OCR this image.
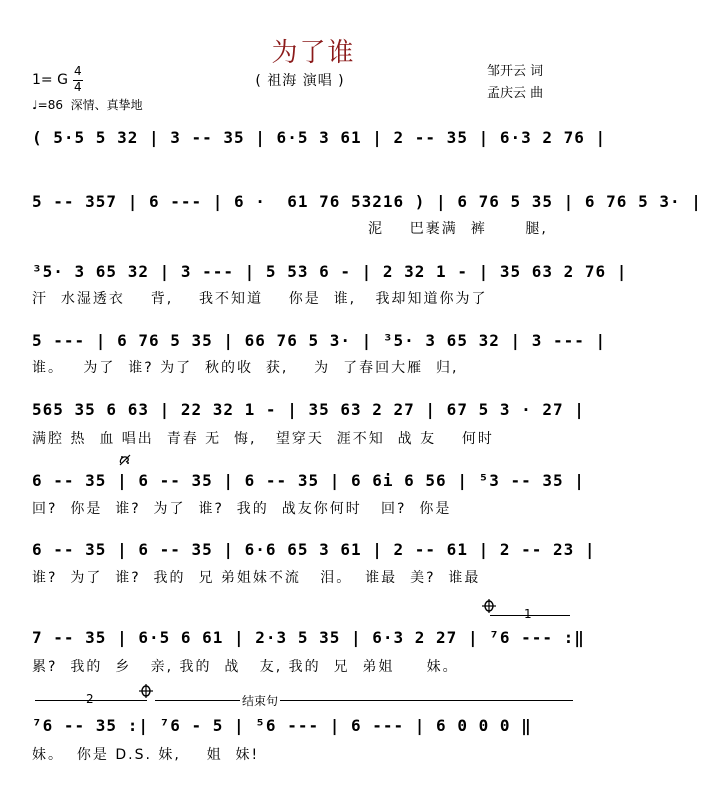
为了谁
( 祖海 演唱 )
邹开云 词
孟庆云 曲
1= G
4
4
♩=86  深情、真挚地
( 5·5 5 32 | 3 -- 35 | 6·5 3 61 | 2 -- 35 | 6·3 2 76 |
5 -- 357 | 6 --- | 6 ·  61 76 53216 ) | 6 76 5 35 | 6 76 5 3· |
泥    巴裹满  裤      腿,
³5· 3 65 32 | 3 --- | 5 53 6 - | 2 32 1 - | 35 63 2 76 |
汗  水湿透衣    背,    我不知道    你是  谁,   我却知道你为了
5 --- | 6 76 5 35 | 66 76 5 3· | ³5· 3 65 32 | 3 --- |
谁。   为了  谁? 为了  秋的收  获,    为  了春回大雁  归,
565 35 6 63 | 22 32 1 - | 35 63 2 27 | 67 5 3 · 27 |
满腔 热  血 唱出  青春 无  悔,   望穿天  涯不知  战 友    何时
6 -- 35 | 6 -- 35 | 6 -- 35 | 6 6i 6 56 | ⁵3 -- 35 |
回?  你是  谁?  为了  谁?  我的  战友你何时   回?  你是
6 -- 35 | 6 -- 35 | 6·6 65 3 61 | 2 -- 61 | 2 -- 23 |
谁?  为了  谁?  我的  兄 弟姐妹不流   泪。  谁最  美?  谁最
7 -- 35 | 6·5 6 61 | 2·3 5 35 | 6·3 2 27 | ⁷6 --- :‖
累?  我的  乡   亲, 我的  战   友, 我的  兄  弟姐     妹。
⁷6 -- 35 :| ⁷6 - 5 | ⁵6 --- | 6 --- | 6 0 0 0 ‖
妹。  你是 D.S. 妹,    姐  妹!
1
2	结束句
